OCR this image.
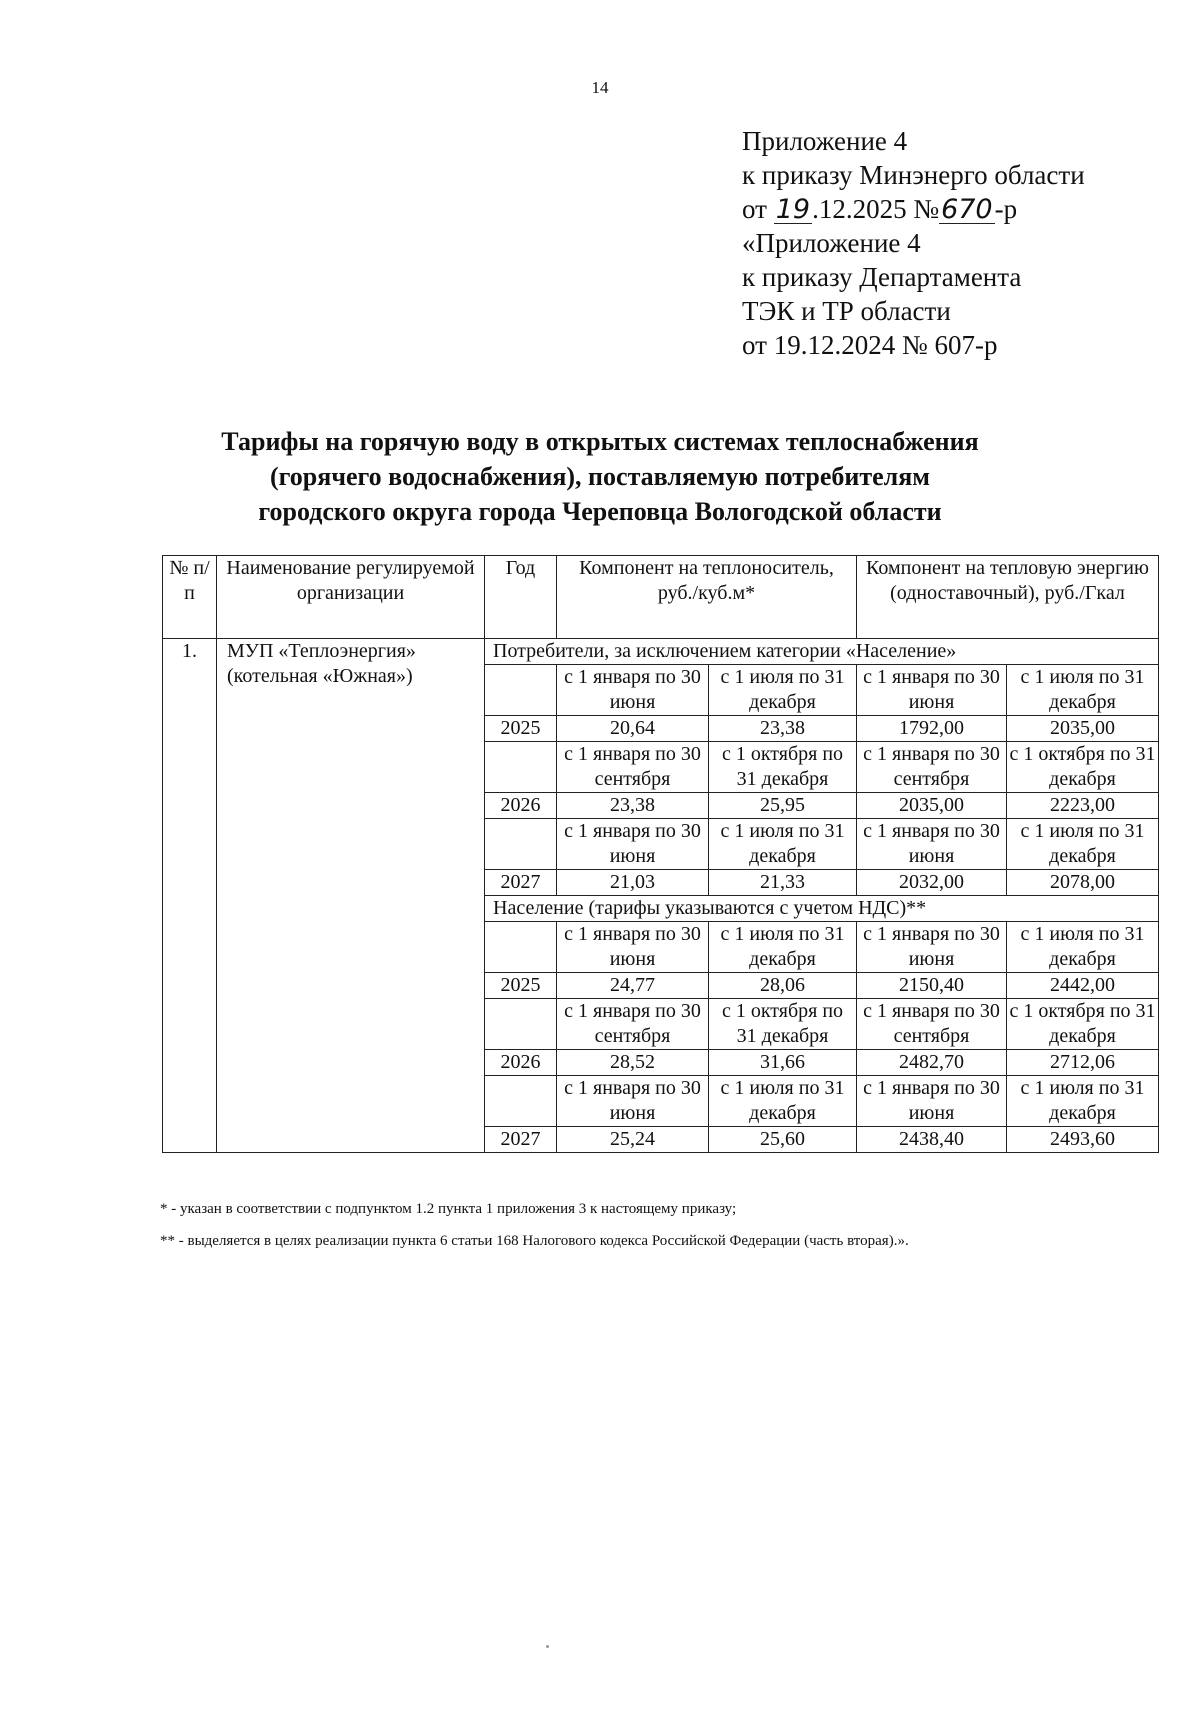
14
Приложение 4
к приказу Минэнерго области
от 19.12.2025 №670-р
«Приложение 4
к приказу Департамента
ТЭК и ТР области
от 19.12.2024 № 607-р
Тарифы на горячую воду в открытых системах теплоснабжения
(горячего водоснабжения), поставляемую потребителям
городского округа города Череповца Вологодской области
№ п/п	Наименование регулируемой организации	Год	Компонент на теплоноситель, руб./куб.м*		Компонент на тепловую энергию (одноставочный), руб./Гкал	
1.	МУП «Теплоэнергия» (котельная «Южная»)	Потребители, за исключением категории «Население»				
			с 1 января по 30 июня	с 1 июля по 31 декабря	с 1 января по 30 июня	с 1 июля по 31 декабря
		2025	20,64	23,38	1792,00	2035,00
			с 1 января по 30 сентября	с 1 октября по 31 декабря	с 1 января по 30 сентября	с 1 октября по 31 декабря
		2026	23,38	25,95	2035,00	2223,00
			с 1 января по 30 июня	с 1 июля по 31 декабря	с 1 января по 30 июня	с 1 июля по 31 декабря
		2027	21,03	21,33	2032,00	2078,00
		Население (тарифы указываются с учетом НДС)**				
			с 1 января по 30 июня	с 1 июля по 31 декабря	с 1 января по 30 июня	с 1 июля по 31 декабря
		2025	24,77	28,06	2150,40	2442,00
			с 1 января по 30 сентября	с 1 октября по 31 декабря	с 1 января по 30 сентября	с 1 октября по 31 декабря
		2026	28,52	31,66	2482,70	2712,06
			с 1 января по 30 июня	с 1 июля по 31 декабря	с 1 января по 30 июня	с 1 июля по 31 декабря
		2027	25,24	25,60	2438,40	2493,60
* - указан в соответствии с подпунктом 1.2 пункта 1 приложения 3 к настоящему приказу;
** - выделяется в целях реализации пункта 6 статьи 168 Налогового кодекса Российской Федерации (часть вторая).».
